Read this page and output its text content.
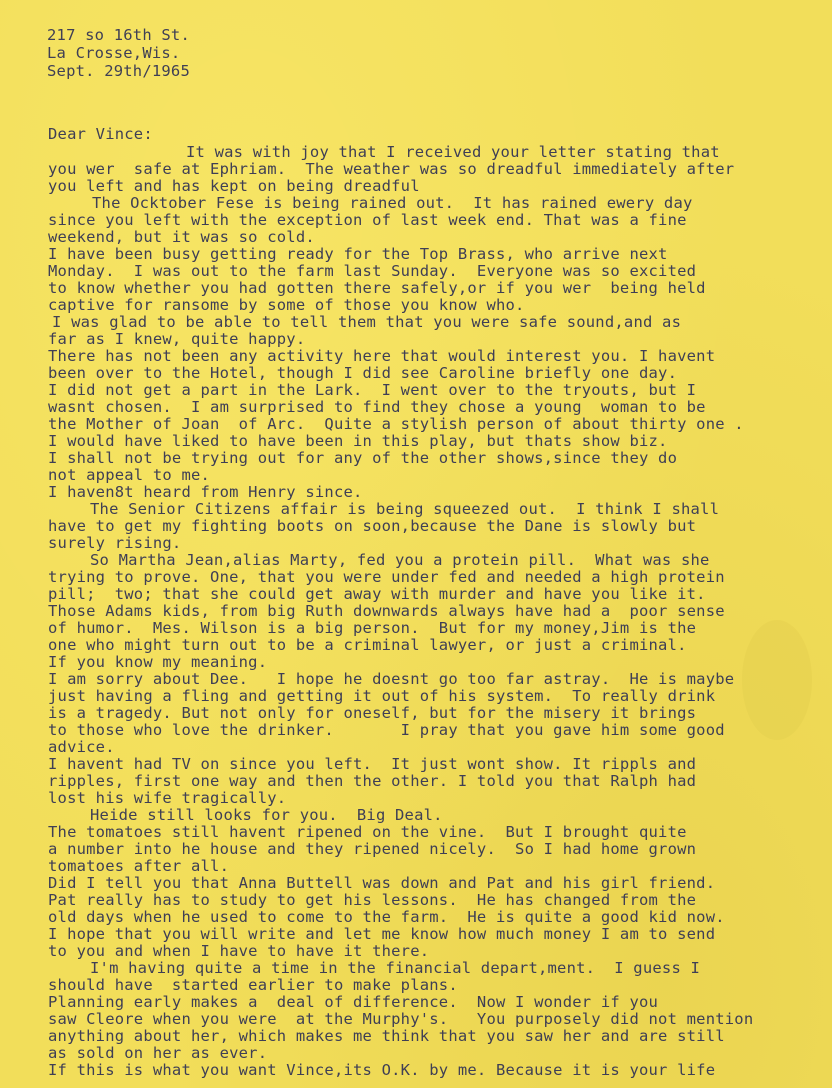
217 so 16th St.
La Crosse,Wis.
Sept. 29th/1965
Dear Vince:
It was with joy that I received your letter stating that
you wer  safe at Ephriam.  The weather was so dreadful immediately after
you left and has kept on being dreadful
The Ocktober Fese is being rained out.  It has rained ewery day
since you left with the exception of last week end. That was a fine
weekend, but it was so cold.
I have been busy getting ready for the Top Brass, who arrive next
Monday.  I was out to the farm last Sunday.  Everyone was so excited
to know whether you had gotten there safely,or if you wer  being held
captive for ransome by some of those you know who.
I was glad to be able to tell them that you were safe sound,and as
far as I knew, quite happy.
There has not been any activity here that would interest you. I havent
been over to the Hotel, though I did see Caroline briefly one day.
I did not get a part in the Lark.  I went over to the tryouts, but I
wasnt chosen.  I am surprised to find they chose a young  woman to be
the Mother of Joan  of Arc.  Quite a stylish person of about thirty one .
I would have liked to have been in this play, but thats show biz.
I shall not be trying out for any of the other shows,since they do
not appeal to me.
I haven8t heard from Henry since.
The Senior Citizens affair is being squeezed out.  I think I shall
have to get my fighting boots on soon,because the Dane is slowly but
surely rising.
So Martha Jean,alias Marty, fed you a protein pill.  What was she
trying to prove. One, that you were under fed and needed a high protein
pill;  two; that she could get away with murder and have you like it.
Those Adams kids, from big Ruth downwards always have had a  poor sense
of humor.  Mes. Wilson is a big person.  But for my money,Jim is the
one who might turn out to be a criminal lawyer, or just a criminal.
If you know my meaning.
I am sorry about Dee.   I hope he doesnt go too far astray.  He is maybe
just having a fling and getting it out of his system.  To really drink
is a tragedy. But not only for oneself, but for the misery it brings
to those who love the drinker.       I pray that you gave him some good
advice.
I havent had TV on since you left.  It just wont show. It rippls and
ripples, first one way and then the other. I told you that Ralph had
lost his wife tragically.
Heide still looks for you.  Big Deal.
The tomatoes still havent ripened on the vine.  But I brought quite
a number into he house and they ripened nicely.  So I had home grown
tomatoes after all.
Did I tell you that Anna Buttell was down and Pat and his girl friend.
Pat really has to study to get his lessons.  He has changed from the
old days when he used to come to the farm.  He is quite a good kid now.
I hope that you will write and let me know how much money I am to send
to you and when I have to have it there.
I'm having quite a time in the financial depart,ment.  I guess I
should have  started earlier to make plans.
Planning early makes a  deal of difference.  Now I wonder if you
saw Cleore when you were  at the Murphy's.   You purposely did not mention
anything about her, which makes me think that you saw her and are still
as sold on her as ever.
If this is what you want Vince,its O.K. by me. Because it is your life
